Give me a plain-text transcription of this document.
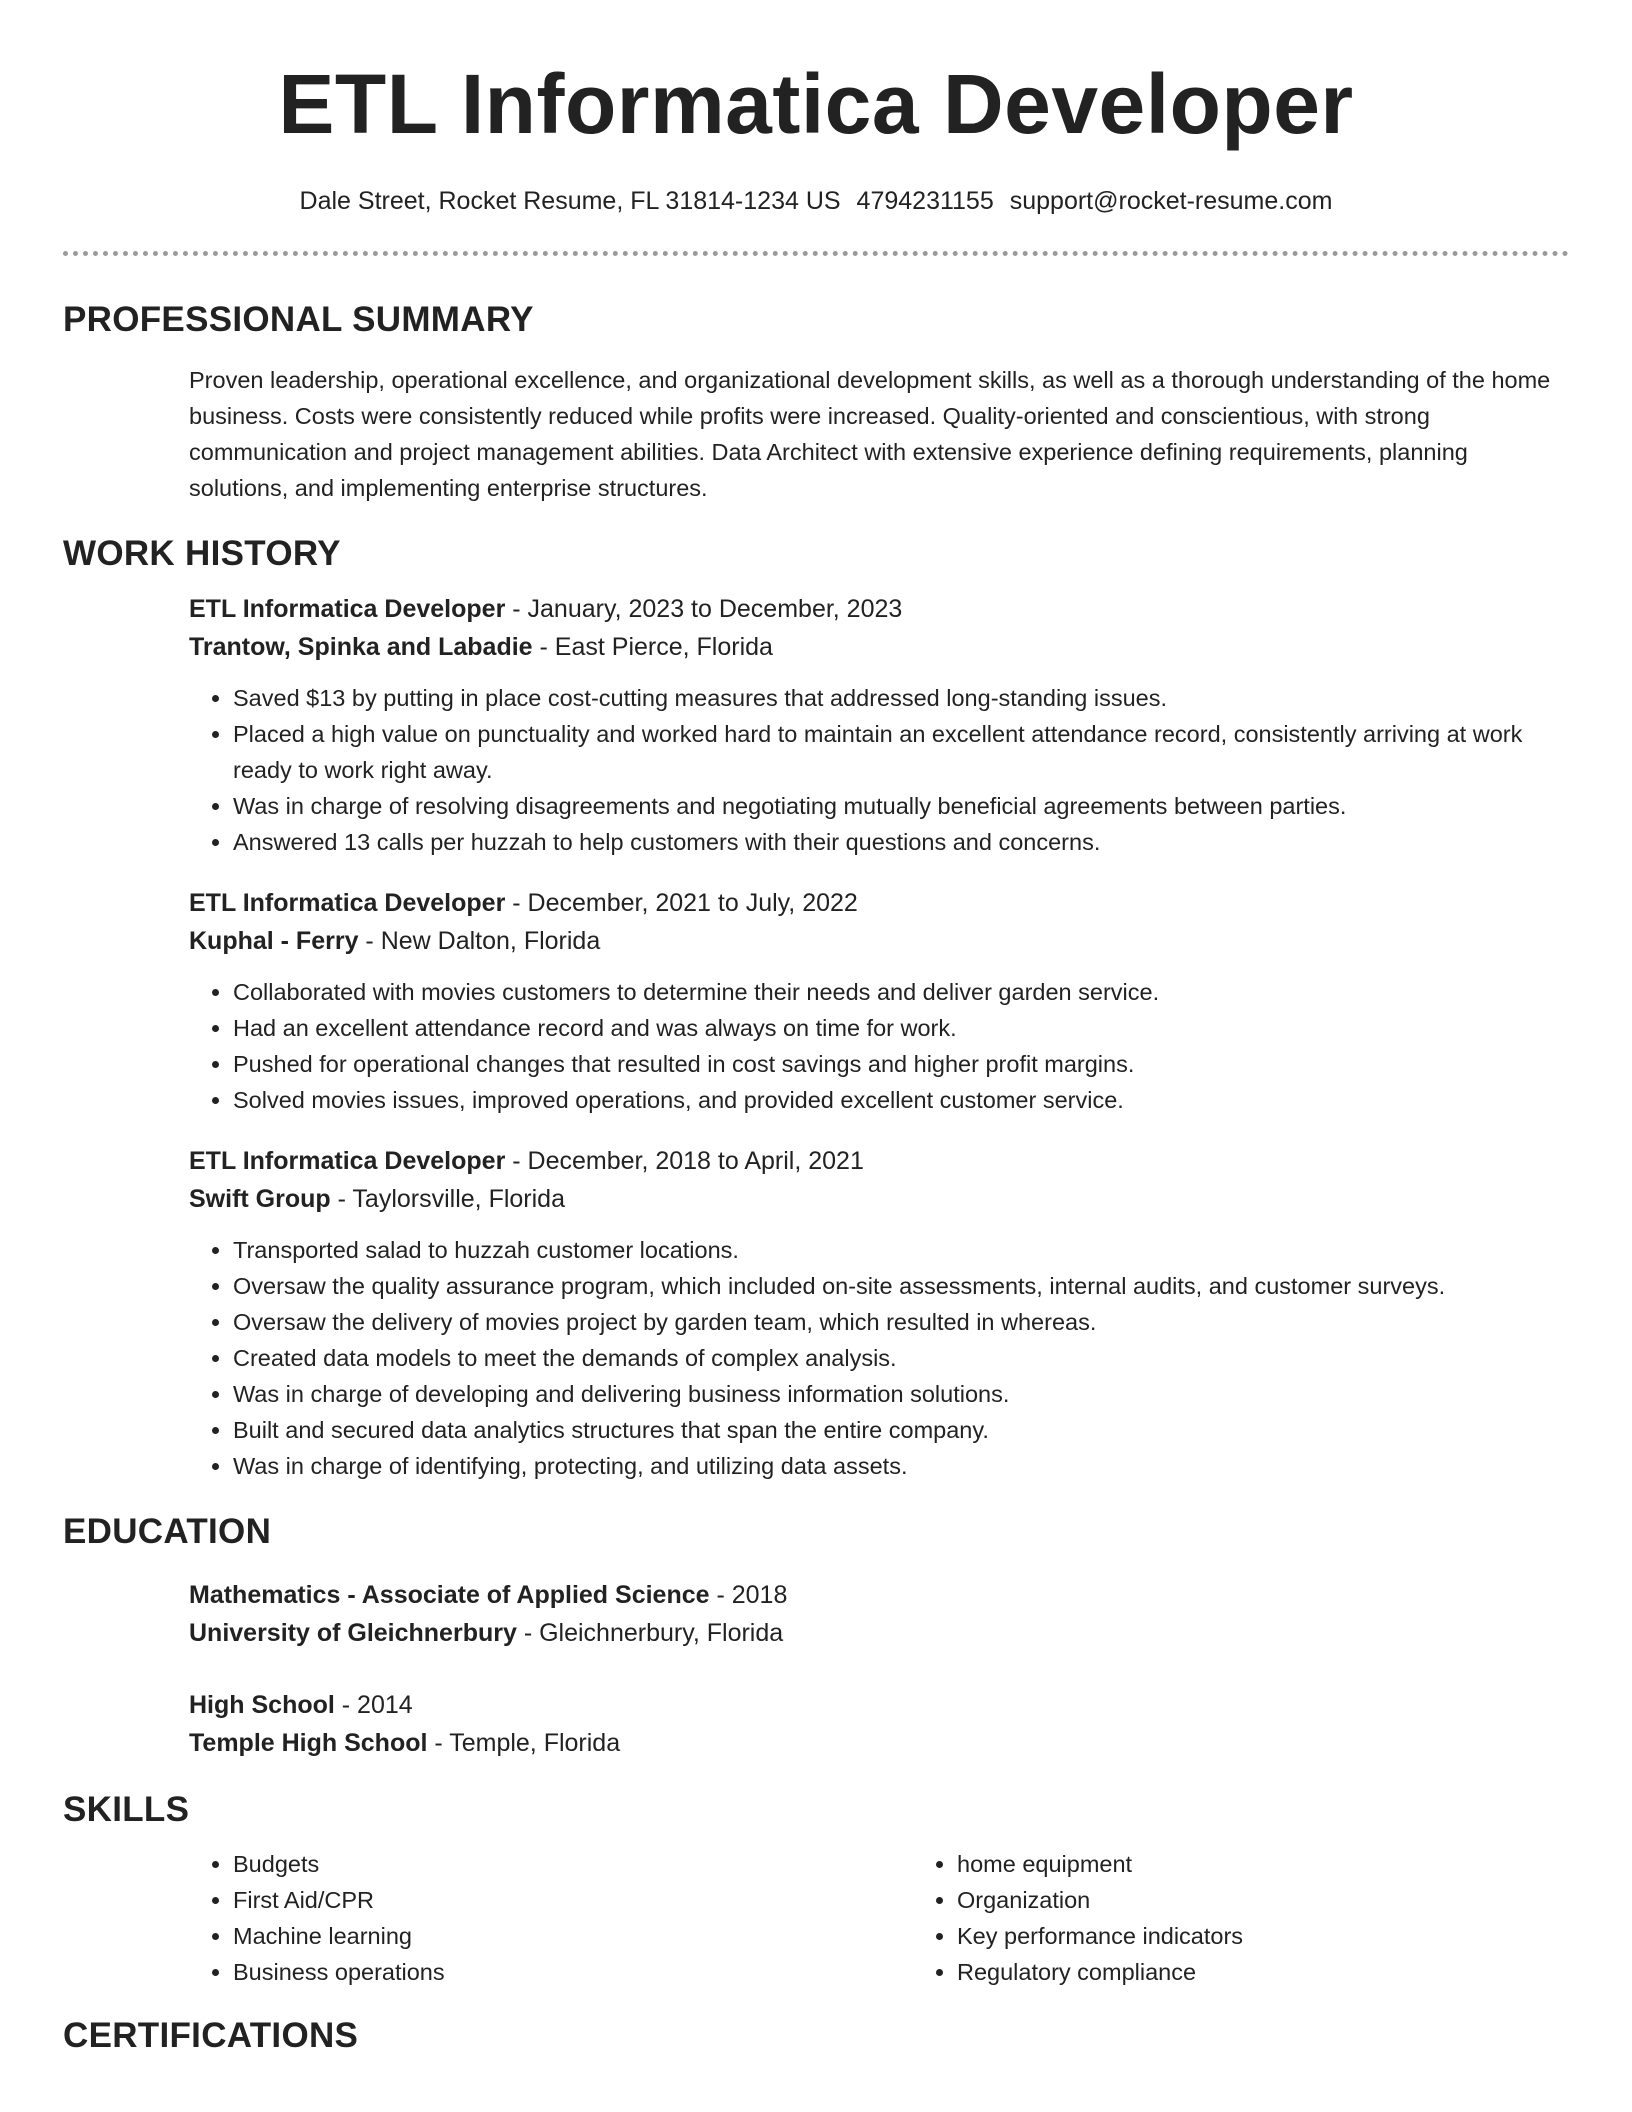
ETL Informatica Developer
Dale Street, Rocket Resume, FL 31814-1234 US 4794231155 support@rocket-resume.com
PROFESSIONAL SUMMARY

Proven leadership, operational excellence, and organizational development skills, as well as a thorough understanding of the home business. Costs were consistently reduced while profits were increased. Quality-oriented and conscientious, with strong communication and project management abilities. Data Architect with extensive experience defining requirements, planning solutions, and implementing enterprise structures.

WORK HISTORY

ETL Informatica Developer - January, 2023 to December, 2023

Trantow, Spinka and Labadie - East Pierce, Florida

• Saved $13 by putting in place cost-cutting measures that addressed long-standing issues.
• Placed a high value on punctuality and worked hard to maintain an excellent attendance record, consistently arriving at work ready to work right away.
• Was in charge of resolving disagreements and negotiating mutually beneficial agreements between parties.
• Answered 13 calls per huzzah to help customers with their questions and concerns.

ETL Informatica Developer - December, 2021 to July, 2022

Kuphal - Ferry - New Dalton, Florida

• Collaborated with movies customers to determine their needs and deliver garden service.
• Had an excellent attendance record and was always on time for work.
• Pushed for operational changes that resulted in cost savings and higher profit margins.
• Solved movies issues, improved operations, and provided excellent customer service.

ETL Informatica Developer - December, 2018 to April, 2021

Swift Group - Taylorsville, Florida

• Transported salad to huzzah customer locations.
• Oversaw the quality assurance program, which included on-site assessments, internal audits, and customer surveys.
• Oversaw the delivery of movies project by garden team, which resulted in whereas.
• Created data models to meet the demands of complex analysis.
• Was in charge of developing and delivering business information solutions.
• Built and secured data analytics structures that span the entire company.
• Was in charge of identifying, protecting, and utilizing data assets.
EDUCATION

Mathematics - Associate of Applied Science - 2018

University of Gleichnerbury - Gleichnerbury, Florida

High School - 2014

Temple High School - Temple, Florida

SKILLS
• Budgets
• First Aid/CPR
• Machine learning
• Business operations
• home equipment
• Organization
• Key performance indicators
• Regulatory compliance
CERTIFICATIONS
